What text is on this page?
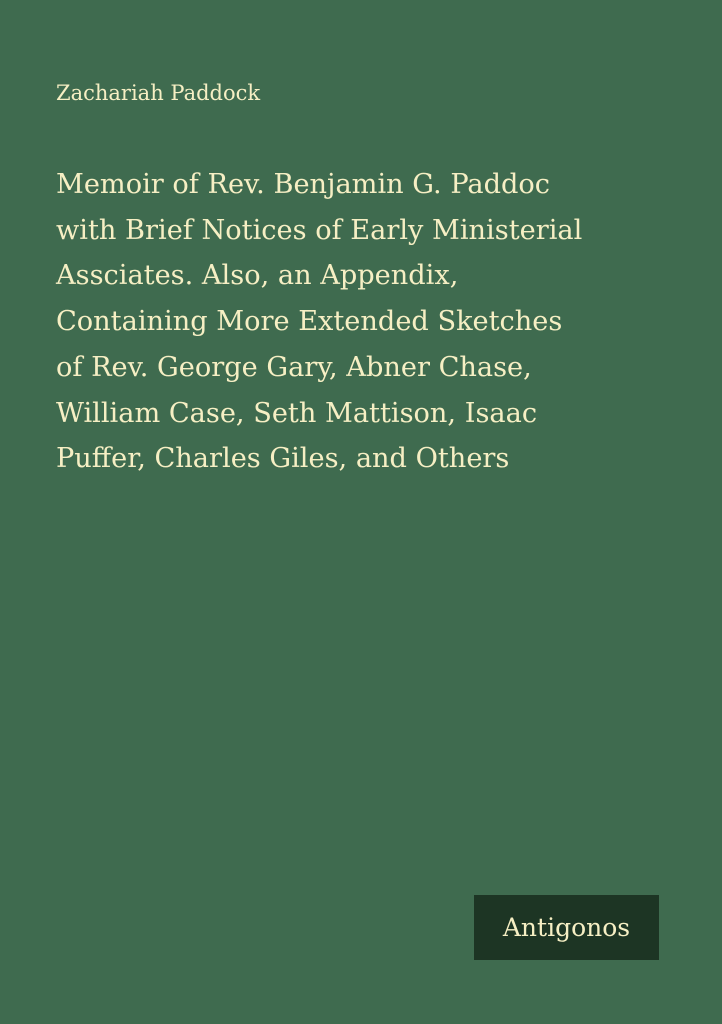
Zachariah Paddock
Memoir of Rev. Benjamin G. Paddoc
with Brief Notices of Early Ministerial
Assciates. Also, an Appendix,
Containing More Extended Sketches
of Rev. George Gary, Abner Chase,
William Case, Seth Mattison, Isaac
Puffer, Charles Giles, and Others
Antigonos
